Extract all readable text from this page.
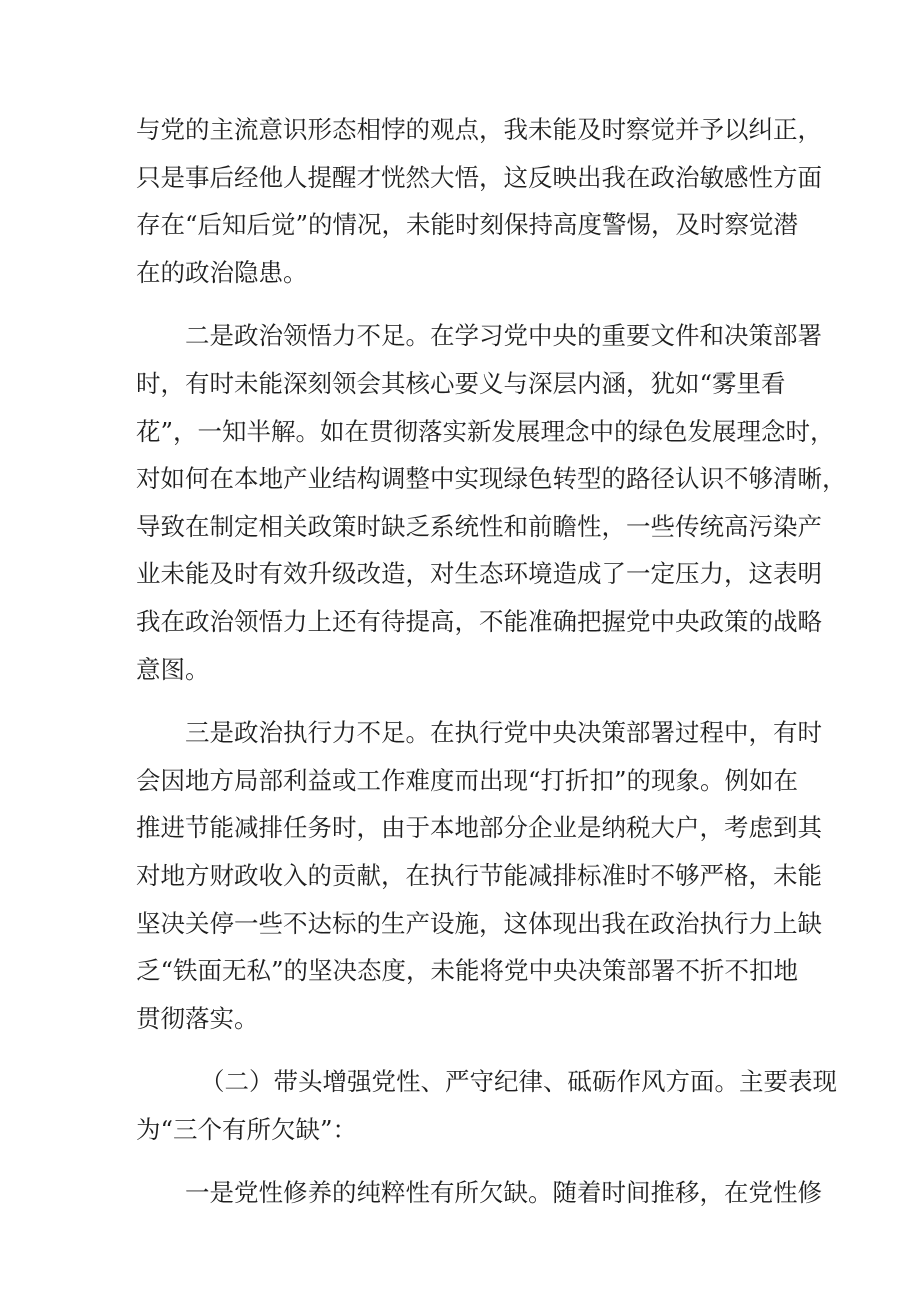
与党的主流意识形态相悖的观点，我未能及时察觉并予以纠正，
只是事后经他人提醒才恍然大悟，这反映出我在政治敏感性方面
存在“后知后觉”的情况，未能时刻保持高度警惕，及时察觉潜
在的政治隐患。
二是政治领悟力不足。在学习党中央的重要文件和决策部署
时，有时未能深刻领会其核心要义与深层内涵，犹如“雾里看
花”，一知半解。如在贯彻落实新发展理念中的绿色发展理念时，
对如何在本地产业结构调整中实现绿色转型的路径认识不够清晰，
导致在制定相关政策时缺乏系统性和前瞻性，一些传统高污染产
业未能及时有效升级改造，对生态环境造成了一定压力，这表明
我在政治领悟力上还有待提高，不能准确把握党中央政策的战略
意图。
三是政治执行力不足。在执行党中央决策部署过程中，有时
会因地方局部利益或工作难度而出现“打折扣”的现象。例如在
推进节能减排任务时，由于本地部分企业是纳税大户，考虑到其
对地方财政收入的贡献，在执行节能减排标准时不够严格，未能
坚决关停一些不达标的生产设施，这体现出我在政治执行力上缺
乏“铁面无私”的坚决态度，未能将党中央决策部署不折不扣地
贯彻落实。
（二）带头增强党性、严守纪律、砥砺作风方面。主要表现
为“三个有所欠缺”：
一是党性修养的纯粹性有所欠缺。随着时间推移，在党性修
